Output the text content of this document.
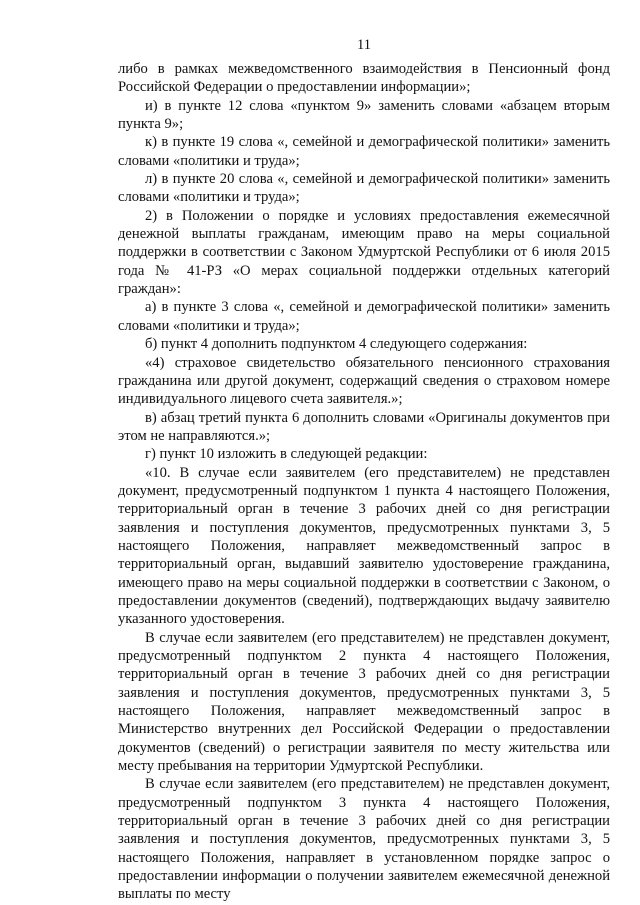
11

либо в рамках межведомственного взаимодействия в Пенсионный фонд Российской Федерации о предоставлении информации»;

и) в пункте 12 слова «пунктом 9» заменить словами «абзацем вторым пункта 9»;

к) в пункте 19 слова «, семейной и демографической политики» заменить словами «политики и труда»;

л) в пункте 20 слова «, семейной и демографической политики» заменить словами «политики и труда»;

2) в Положении о порядке и условиях предоставления ежемесячной денежной выплаты гражданам, имеющим право на меры социальной поддержки в соответствии с Законом Удмуртской Республики от 6 июля 2015 года № 41-РЗ «О мерах социальной поддержки отдельных категорий граждан»:

а) в пункте 3 слова «, семейной и демографической политики» заменить словами «политики и труда»;

б) пункт 4 дополнить подпунктом 4 следующего содержания:

«4) страховое свидетельство обязательного пенсионного страхования гражданина или другой документ, содержащий сведения о страховом номере индивидуального лицевого счета заявителя.»;

в) абзац третий пункта 6 дополнить словами «Оригиналы документов при этом не направляются.»;

г) пункт 10 изложить в следующей редакции:

«10. В случае если заявителем (его представителем) не представлен документ, предусмотренный подпунктом 1 пункта 4 настоящего Положения, территориальный орган в течение 3 рабочих дней со дня регистрации заявления и поступления документов, предусмотренных пунктами 3, 5 настоящего Положения, направляет межведомственный запрос в территориальный орган, выдавший заявителю удостоверение гражданина, имеющего право на меры социальной поддержки в соответствии с Законом, о предоставлении документов (сведений), подтверждающих выдачу заявителю указанного удостоверения.

В случае если заявителем (его представителем) не представлен документ, предусмотренный подпунктом 2 пункта 4 настоящего Положения, территориальный орган в течение 3 рабочих дней со дня регистрации заявления и поступления документов, предусмотренных пунктами 3, 5 настоящего Положения, направляет межведомственный запрос в Министерство внутренних дел Российской Федерации о предоставлении документов (сведений) о регистрации заявителя по месту жительства или месту пребывания на территории Удмуртской Республики.

В случае если заявителем (его представителем) не представлен документ, предусмотренный подпунктом 3 пункта 4 настоящего Положения, территориальный орган в течение 3 рабочих дней со дня регистрации заявления и поступления документов, предусмотренных пунктами 3, 5 настоящего Положения, направляет в установленном порядке запрос о предоставлении информации о получении заявителем ежемесячной денежной выплаты по месту
